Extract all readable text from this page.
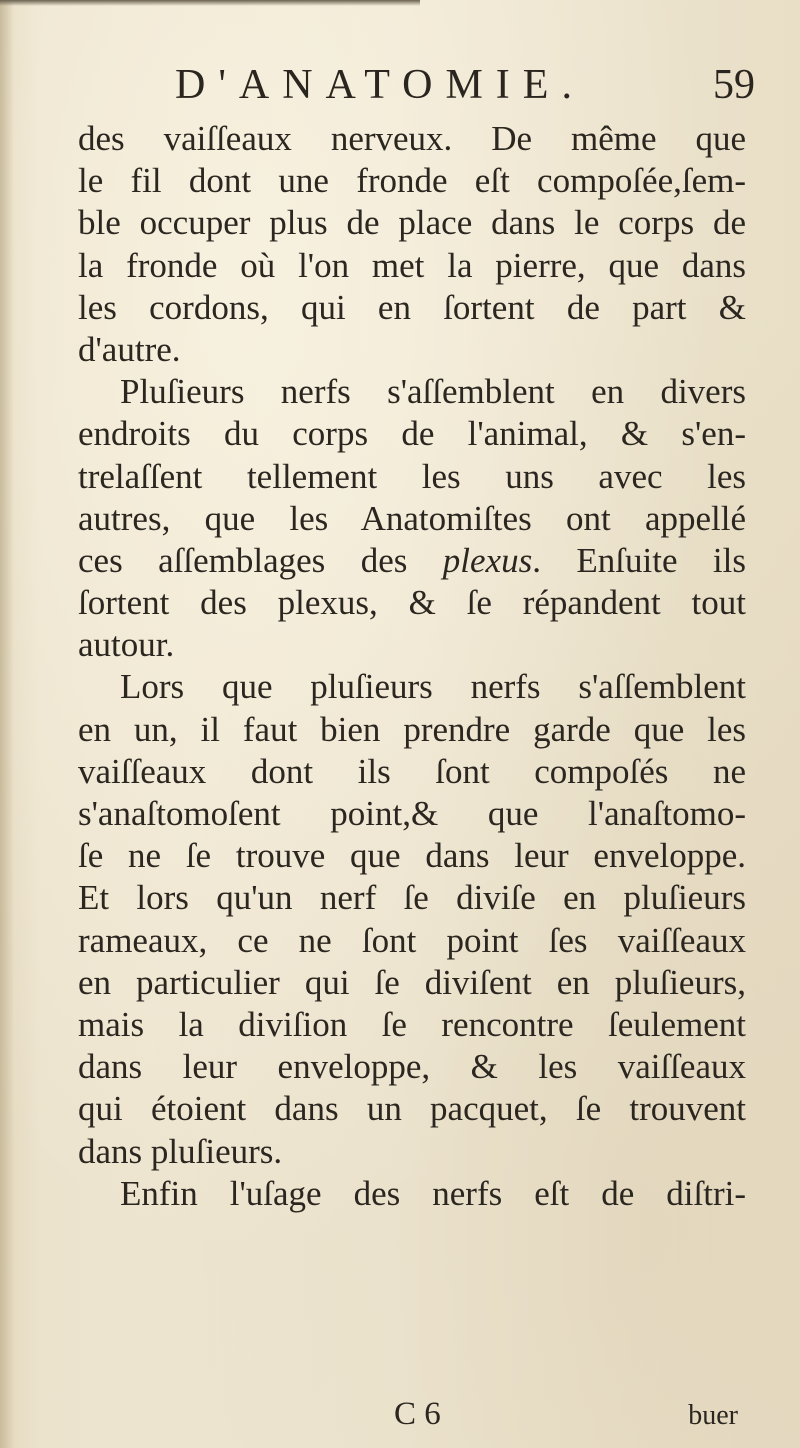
D'ANATOMIE.	59
des vaiſſeaux nerveux. De même que
le fil dont une fronde eſt compoſée,ſem-
ble occuper plus de place dans le corps de
la fronde où l'on met la pierre, que dans
les cordons, qui en ſortent de part &
d'autre.
Pluſieurs nerfs s'aſſemblent en divers
endroits du corps de l'animal, & s'en-
trelaſſent tellement les uns avec les
autres, que les Anatomiſtes ont appellé
ces aſſemblages des plexus. Enſuite ils
ſortent des plexus, & ſe répandent tout
autour.
Lors que pluſieurs nerfs s'aſſemblent
en un, il faut bien prendre garde que les
vaiſſeaux dont ils ſont compoſés ne
s'anaſtomoſent point,& que l'anaſtomo-
ſe ne ſe trouve que dans leur enveloppe.
Et lors qu'un nerf ſe diviſe en pluſieurs
rameaux, ce ne ſont point ſes vaiſſeaux
en particulier qui ſe diviſent en pluſieurs,
mais la diviſion ſe rencontre ſeulement
dans leur enveloppe, & les vaiſſeaux
qui étoient dans un pacquet, ſe trouvent
dans pluſieurs.
Enfin l'uſage des nerfs eſt de diſtri-
C 6	buer
